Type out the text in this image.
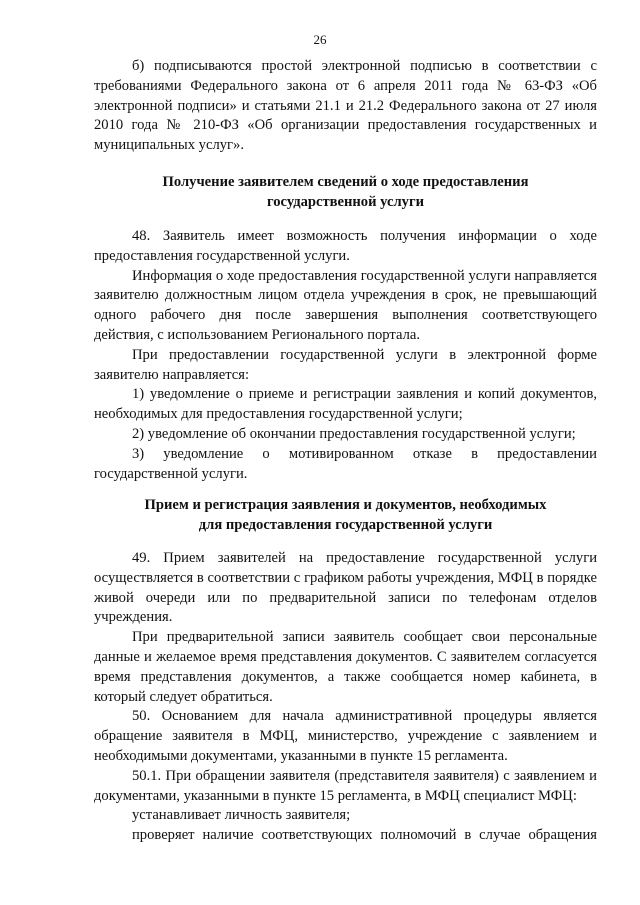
26

б) подписываются простой электронной подписью в соответствии с требованиями Федерального закона от 6 апреля 2011 года № 63-ФЗ «Об электронной подписи» и статьями 21.1 и 21.2 Федерального закона от 27 июля 2010 года № 210-ФЗ «Об организации предоставления государственных и муниципальных услуг».

Получение заявителем сведений о ходе предоставления

государственной услуги

48. Заявитель имеет возможность получения информации о ходе предоставления государственной услуги.

Информация о ходе предоставления государственной услуги направляется заявителю должностным лицом отдела учреждения в срок, не превышающий одного рабочего дня после завершения выполнения соответствующего действия, с использованием Регионального портала.

При предоставлении государственной услуги в электронной форме заявителю направляется:

1) уведомление о приеме и регистрации заявления и копий документов, необходимых для предоставления государственной услуги;

2) уведомление об окончании предоставления государственной услуги;

3) уведомление о мотивированном отказе в предоставлении государственной услуги.

Прием и регистрация заявления и документов, необходимых

для предоставления государственной услуги

49. Прием заявителей на предоставление государственной услуги осуществляется в соответствии с графиком работы учреждения, МФЦ в порядке живой очереди или по предварительной записи по телефонам отделов учреждения.

При предварительной записи заявитель сообщает свои персональные данные и желаемое время представления документов. С заявителем согласуется время представления документов, а также сообщается номер кабинета, в который следует обратиться.

50. Основанием для начала административной процедуры является обращение заявителя в МФЦ, министерство, учреждение с заявлением и необходимыми документами, указанными в пункте 15 регламента.

50.1. При обращении заявителя (представителя заявителя) с заявлением и документами, указанными в пункте 15 регламента, в МФЦ специалист МФЦ:

устанавливает личность заявителя;

проверяет наличие соответствующих полномочий в случае обращения
